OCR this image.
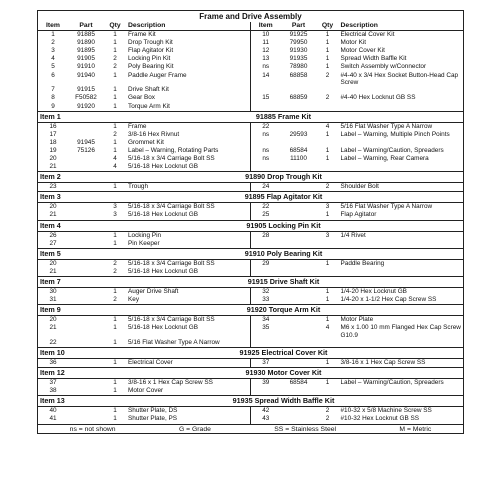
Frame and Drive Assembly
Item	Part	Qty	Description	Item	Part	Qty	Description
1	91885	1	Frame Kit	10	91925	1	Electrical Cover Kit
2	91890	1	Drop Trough Kit	11	79950	1	Motor Kit
3	91895	1	Flap Agitator Kit	12	91930	1	Motor Cover Kit
4	91905	2	Locking Pin Kit	13	91935	1	Spread Width Baffle Kit
5	91910	2	Poly Bearing Kit	ns	78980	1	Switch Assembly w/Connector
6	91940	1	Paddle Auger Frame	14	68858	2	#4-40 x 3/4 Hex Socket Button-Head Cap Screw
7	91915	1	Drive Shaft Kit				
8	F50582	1	Gear Box	15	68859	2	#4-40 Hex Locknut GB SS
9	91920	1	Torque Arm Kit				
Item 1		91885 Frame Kit					
16		1	Frame	22		4	5/16 Flat Washer Type A Narrow
17		2	3/8-16 Hex Rivnut	ns	29593	1	Label – Warning, Multiple Pinch Points
18	91945	1	Grommet Kit				
19	75126	1	Label – Warning, Rotating Parts	ns	68584	1	Label – Warning/Caution, Spreaders
20		4	5/16-18 x 3/4 Carriage Bolt SS	ns	11100	1	Label – Warning, Rear Camera
21		4	5/16-18 Hex Locknut GB				
Item 2		91890 Drop Trough Kit					
23		1	Trough	24		2	Shoulder Bolt
Item 3		91895 Flap Agitator Kit					
20		3	5/16-18 x 3/4 Carriage Bolt SS	22		3	5/16 Flat Washer Type A Narrow
21		3	5/16-18 Hex Locknut GB	25		1	Flap Agitator
Item 4		91905 Locking Pin Kit					
26		1	Locking Pin	28		3	1/4 Rivet
27		1	Pin Keeper				
Item 5		91910 Poly Bearing Kit					
20		2	5/16-18 x 3/4 Carriage Bolt SS	29		1	Paddle Bearing
21		2	5/16-18 Hex Locknut GB				
Item 7		91915 Drive Shaft Kit					
30		1	Auger Drive Shaft	32		1	1/4-20 Hex Locknut GB
31		2	Key	33		1	1/4-20 x 1-1/2 Hex Cap Screw SS
Item 9		91920 Torque Arm Kit					
20		1	5/16-18 x 3/4 Carriage Bolt SS	34		1	Motor Plate
21		1	5/16-18 Hex Locknut GB	35		4	M6 x 1.00 10 mm Flanged Hex Cap Screw G10.9
22		1	5/16 Flat Washer Type A Narrow				
Item 10		91925 Electrical Cover Kit					
36		1	Electrical Cover	37		1	3/8-16 x 1 Hex Cap Screw SS
Item 12		91930 Motor Cover Kit					
37		1	3/8-16 x 1 Hex Cap Screw SS	39	68584	1	Label – Warning/Caution, Spreaders
38		1	Motor Cover				
Item 13		91935 Spread Width Baffle Kit					
40		1	Shutter Plate, DS	42		2	#10-32 x 5/8 Machine Screw SS
41		1	Shutter Plate, PS	43		2	#10-32 Hex Locknut GB SS
ns = not shown	G = Grade	SS = Stainless Steel	M = Metric
